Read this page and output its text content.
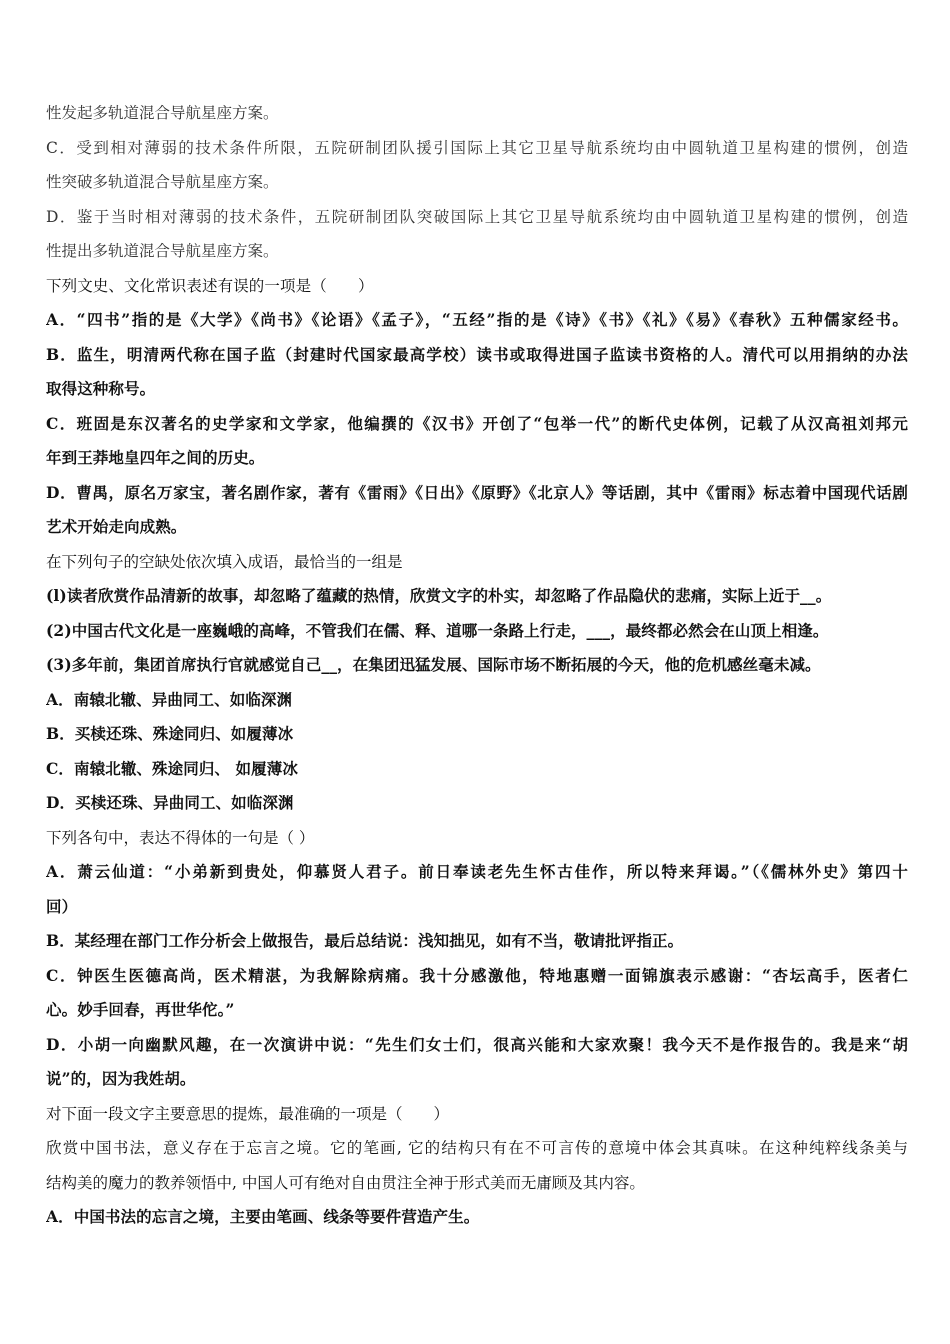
性发起多轨道混合导航星座方案。
C．受到相对薄弱的技术条件所限，五院研制团队援引国际上其它卫星导航系统均由中圆轨道卫星构建的惯例，创造
性突破多轨道混合导航星座方案。
D．鉴于当时相对薄弱的技术条件，五院研制团队突破国际上其它卫星导航系统均由中圆轨道卫星构建的惯例，创造
性提出多轨道混合导航星座方案。
下列文史、文化常识表述有误的一项是（　　）
A．“四书”指的是《大学》《尚书》《论语》《孟子》，“五经”指的是《诗》《书》《礼》《易》《春秋》五种儒家经书。
B．监生，明清两代称在国子监（封建时代国家最高学校）读书或取得进国子监读书资格的人。清代可以用捐纳的办法
取得这种称号。
C．班固是东汉著名的史学家和文学家，他编撰的《汉书》开创了“包举一代”的断代史体例，记载了从汉高祖刘邦元
年到王莽地皇四年之间的历史。
D．曹禺，原名万家宝，著名剧作家，著有《雷雨》《日出》《原野》《北京人》等话剧，其中《雷雨》标志着中国现代话剧
艺术开始走向成熟。
在下列句子的空缺处依次填入成语，最恰当的一组是
(l)读者欣赏作品清新的故事，却忽略了蕴藏的热情，欣赏文字的朴实，却忽略了作品隐伏的悲痛，实际上近于__。
(2)中国古代文化是一座巍峨的高峰，不管我们在儒、释、道哪一条路上行走，___，最终都必然会在山顶上相逢。
(3)多年前，集团首席执行官就感觉自己__，在集团迅猛发展、国际市场不断拓展的今天，他的危机感丝毫未减。
A．南辕北辙、异曲同工、如临深渊
B．买椟还珠、殊途同归、如履薄冰
C．南辕北辙、殊途同归、 如履薄冰
D．买椟还珠、异曲同工、如临深渊
下列各句中，表达不得体的一句是（ ）
A．萧云仙道：“小弟新到贵处，仰慕贤人君子。前日奉读老先生怀古佳作，所以特来拜谒。”（《儒林外史》第四十
回）
B．某经理在部门工作分析会上做报告，最后总结说：浅知拙见，如有不当，敬请批评指正。
C．钟医生医德高尚，医术精湛，为我解除病痛。我十分感激他，特地惠赠一面锦旗表示感谢：“杏坛高手，医者仁
心。妙手回春，再世华佗。”
D．小胡一向幽默风趣，在一次演讲中说：“先生们女士们，很高兴能和大家欢聚！我今天不是作报告的。我是来“胡
说”的，因为我姓胡。
对下面一段文字主要意思的提炼，最准确的一项是（　　）
欣赏中国书法，意义存在于忘言之境。它的笔画, 它的结构只有在不可言传的意境中体会其真味。在这种纯粹线条美与
结构美的魔力的教养领悟中, 中国人可有绝对自由贯注全神于形式美而无庸顾及其内容。
A．中国书法的忘言之境，主要由笔画、线条等要件营造产生。
